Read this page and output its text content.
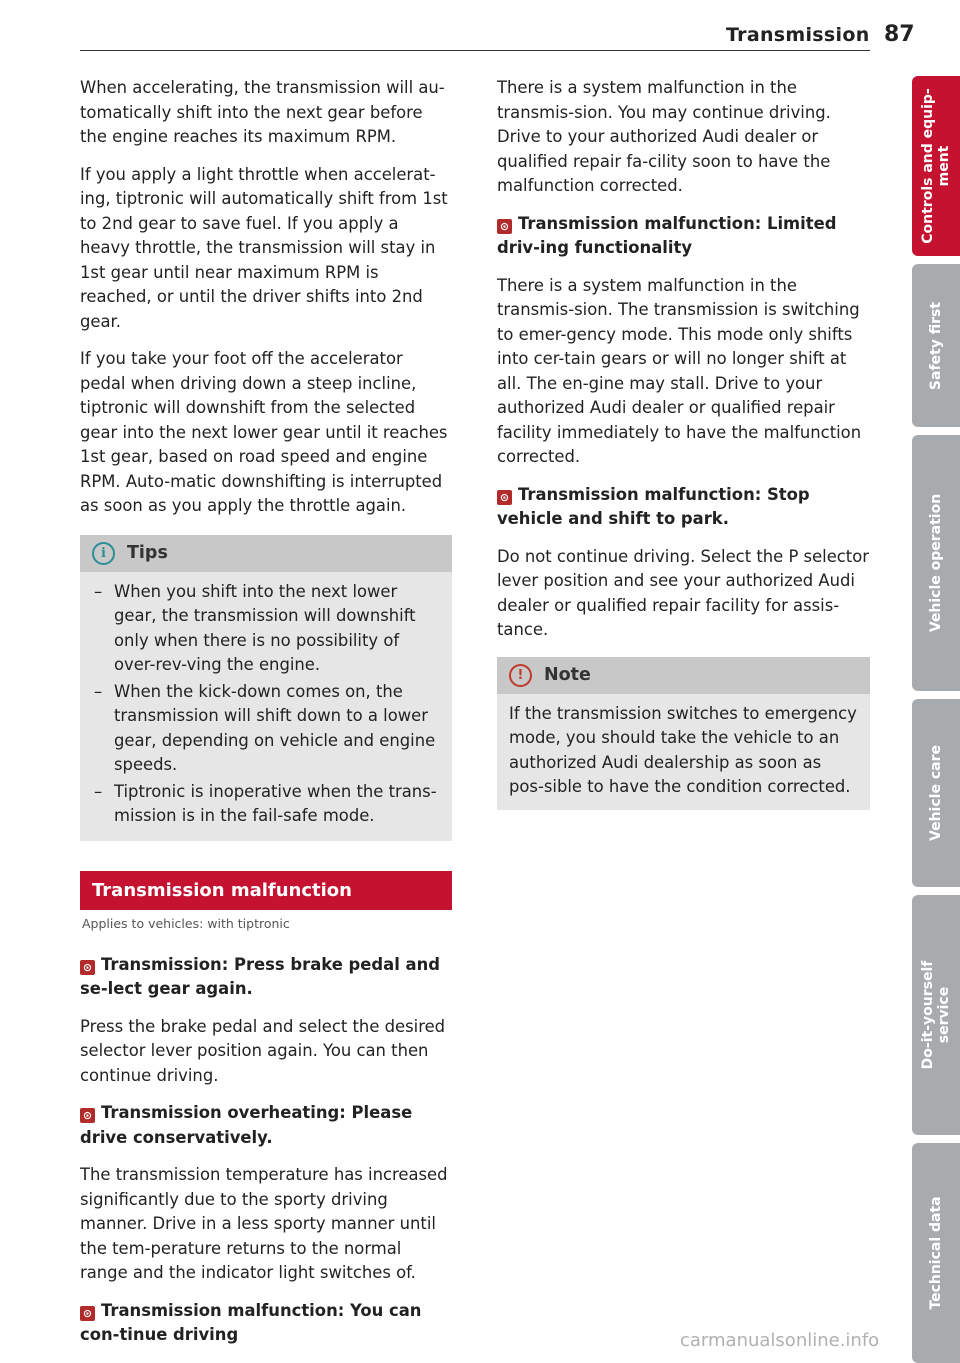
Transmission 87

When accelerating, the transmission will au-tomatically shift into the next gear before the engine reaches its maximum RPM.

If you apply a light throttle when accelerat-ing, tiptronic will automatically shift from 1st to 2nd gear to save fuel. If you apply a heavy throttle, the transmission will stay in 1st gear until near maximum RPM is reached, or until the driver shifts into 2nd gear.

If you take your foot off the accelerator pedal when driving down a steep incline, tiptronic will downshift from the selected gear into the next lower gear until it reaches 1st gear, based on road speed and engine RPM. Auto-matic downshifting is interrupted as soon as you apply the throttle again.

i	Tips
– When you shift into the next lower gear, the transmission will downshift only when there is no possibility of over-rev-ving the engine.
– When the kick-down comes on, the transmission will shift down to a lower gear, depending on vehicle and engine speeds.
– Tiptronic is inoperative when the trans-mission is in the fail-safe mode.
Transmission malfunction
Applies to vehicles: with tiptronic
⊙ Transmission: Press brake pedal and se-lect gear again.

Press the brake pedal and select the desired selector lever position again. You can then continue driving.

⊙ Transmission overheating: Please drive conservatively.

The transmission temperature has increased significantly due to the sporty driving manner. Drive in a less sporty manner until the tem-perature returns to the normal range and the indicator light switches of.

⊙ Transmission malfunction: You can con-tinue driving

There is a system malfunction in the transmis-sion. You may continue driving. Drive to your authorized Audi dealer or qualified repair fa-cility soon to have the malfunction corrected.

⊙ Transmission malfunction: Limited driv-ing functionality

There is a system malfunction in the transmis-sion. The transmission is switching to emer-gency mode. This mode only shifts into cer-tain gears or will no longer shift at all. The en-gine may stall. Drive to your authorized Audi dealer or qualified repair facility immediately to have the malfunction corrected.

⊙ Transmission malfunction: Stop vehicle and shift to park.

Do not continue driving. Select the P selector lever position and see your authorized Audi dealer or qualified repair facility for assis-tance.

!	Note

If the transmission switches to emergency mode, you should take the vehicle to an authorized Audi dealership as soon as pos-sible to have the condition corrected.

Controls and equip-
ment
Safety first
Vehicle operation
Vehicle care
Do-it-yourself
service
Technical data
carmanualsonline.info
